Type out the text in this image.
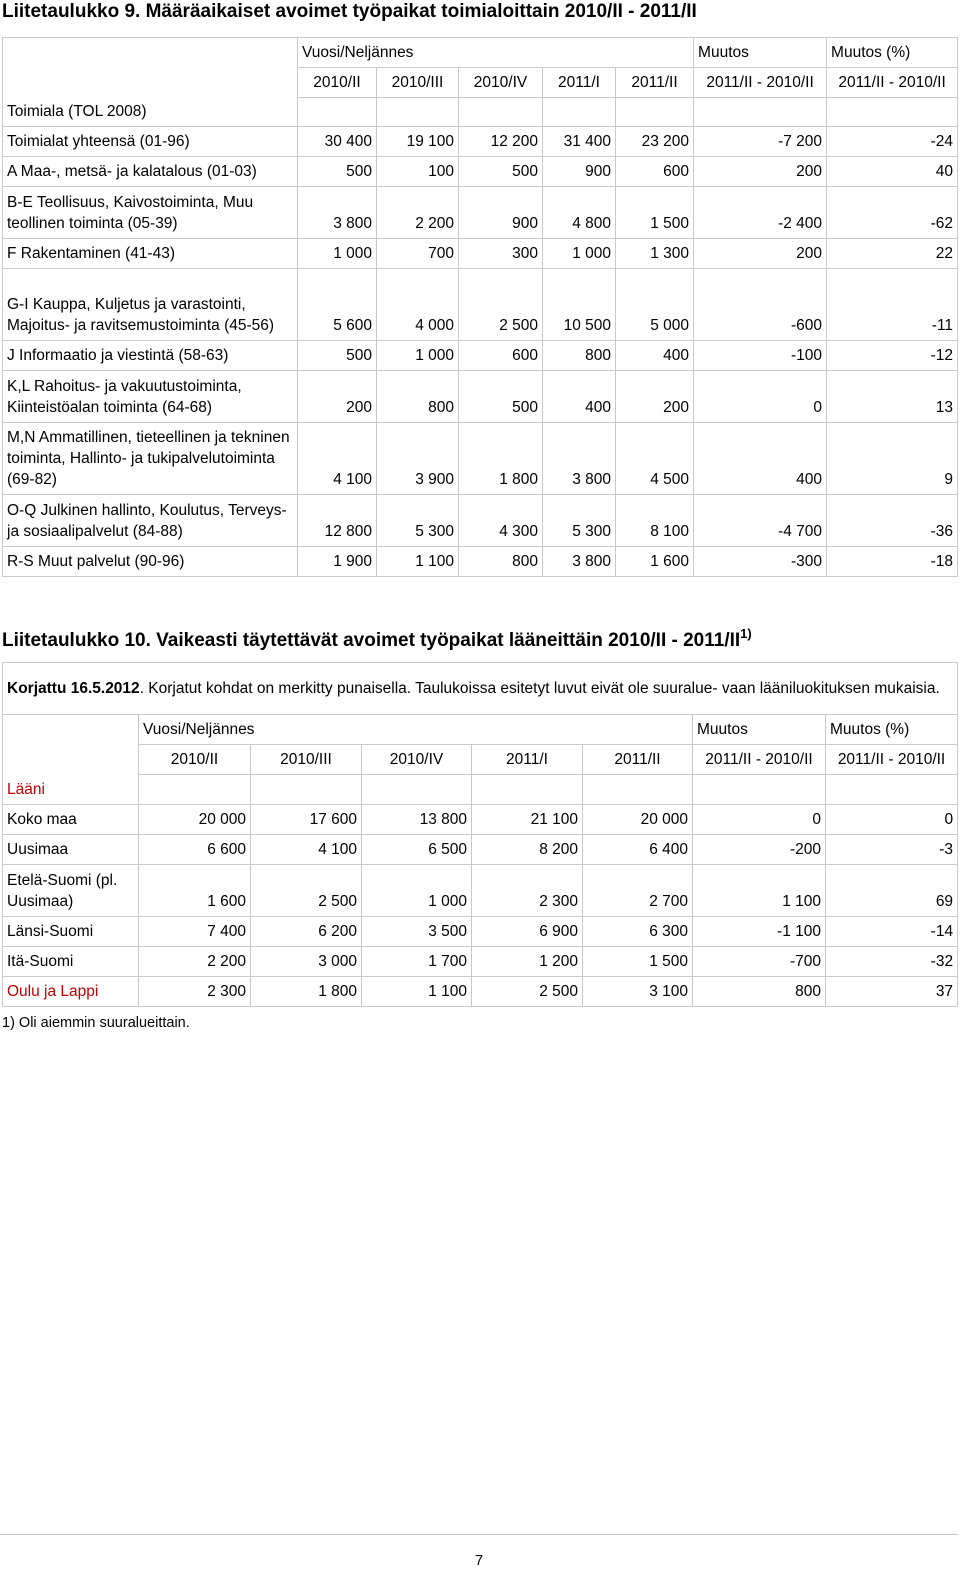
Liitetaulukko 9. Määräaikaiset avoimet työpaikat toimialoittain 2010/II - 2011/II
Toimiala (TOL 2008)	Vuosi/Neljännes					Muutos	Muutos (%)
	2010/II	2010/III	2010/IV	2011/I	2011/II	2011/II - 2010/II	2011/II - 2010/II

Toimialat yhteensä (01-96)	30 400	19 100	12 200	31 400	23 200	-7 200	-24
A Maa-, metsä- ja kalatalous (01-03)	500	100	500	900	600	200	40
B-E Teollisuus, Kaivostoiminta, Muu teollinen toiminta (05-39)	3 800	2 200	900	4 800	1 500	-2 400	-62
F Rakentaminen (41-43)	1 000	700	300	1 000	1 300	200	22
G-I Kauppa, Kuljetus ja varastointi, Majoitus- ja ravitsemustoiminta (45-56)	5 600	4 000	2 500	10 500	5 000	-600	-11
J Informaatio ja viestintä (58-63)	500	1 000	600	800	400	-100	-12
K,L Rahoitus- ja vakuutustoiminta, Kiinteistöalan toiminta (64-68)	200	800	500	400	200	0	13
M,N Ammatillinen, tieteellinen ja tekninen toiminta, Hallinto- ja tukipalvelutoiminta (69-82)	4 100	3 900	1 800	3 800	4 500	400	9
O-Q Julkinen hallinto, Koulutus, Terveys- ja sosiaalipalvelut (84-88)	12 800	5 300	4 300	5 300	8 100	-4 700	-36
R-S Muut palvelut (90-96)	1 900	1 100	800	3 800	1 600	-300	-18
Liitetaulukko 10. Vaikeasti täytettävät avoimet työpaikat lääneittäin 2010/II - 2011/II$^{1)}$
Korjattu 16.5.2012. Korjatut kohdat on merkitty punaisella. Taulukoissa esitetyt luvut eivät ole suuralue- vaan lääniluokituksen mukaisia.							
Lääni	Vuosi/Neljännes					Muutos	Muutos (%)
	2010/II	2010/III	2010/IV	2011/I	2011/II	2011/II - 2010/II	2011/II - 2010/II

Koko maa	20 000	17 600	13 800	21 100	20 000	0	0
Uusimaa	6 600	4 100	6 500	8 200	6 400	-200	-3
Etelä-Suomi (pl. Uusimaa)	1 600	2 500	1 000	2 300	2 700	1 100	69
Länsi-Suomi	7 400	6 200	3 500	6 900	6 300	-1 100	-14
Itä-Suomi	2 200	3 000	1 700	1 200	1 500	-700	-32
Oulu ja Lappi	2 300	1 800	1 100	2 500	3 100	800	37
1) Oli aiemmin suuralueittain.
7
